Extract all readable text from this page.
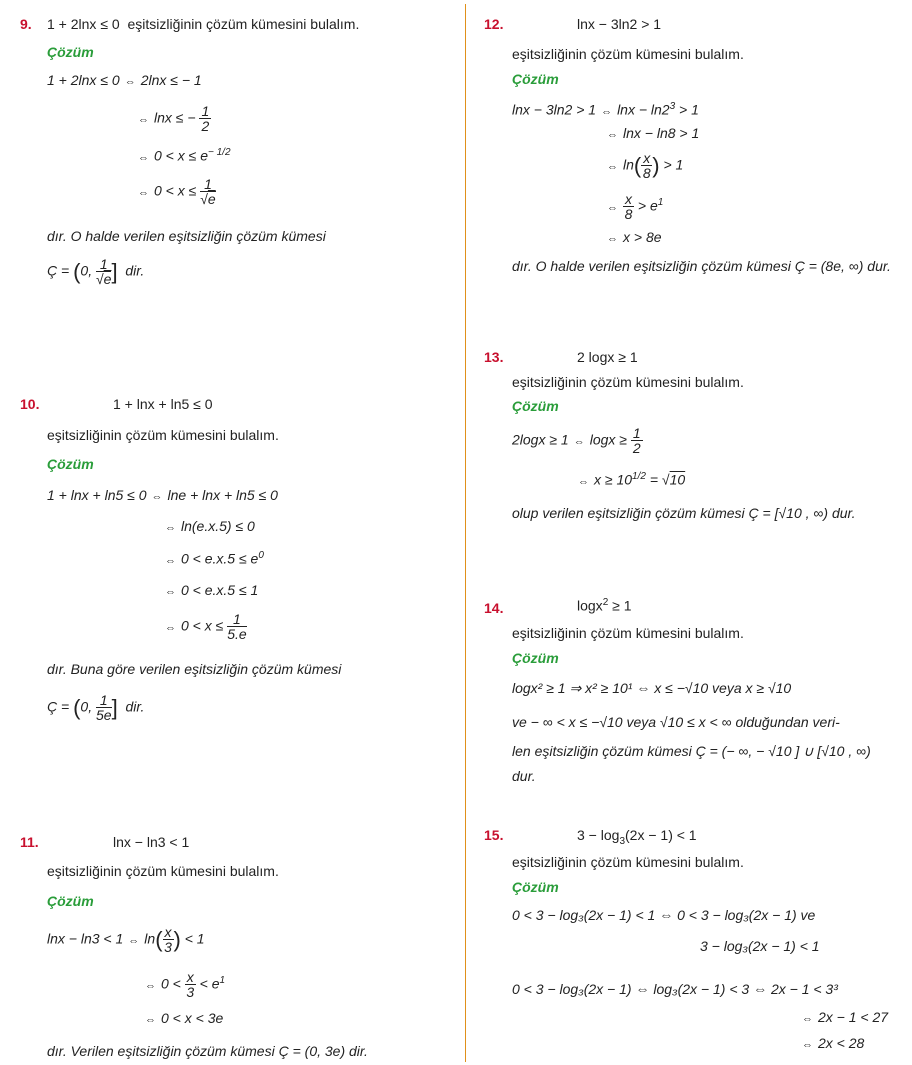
9. 1 + 2lnx ≤ 0 eşitsizliğinin çözüm kümesini bulalım.
Çözüm
1 + 2lnx ≤ 0 ⇔ 2lnx ≤ − 1
⇔ lnx ≤ − $\frac{1}{2}$
⇔ $0 < x \le e^{- 1/2}$
⇔ $0 < x \le \frac{1}{√e}$
dır. O halde verilen eşitsizliğin çözüm kümesi
Ç = (0, $\frac{1}{√e}$ ] dir.
10.	1 + lnx + ln5 ≤ 0
eşitsizliğinin çözüm kümesini bulalım.
Çözüm
1 + lnx + ln5 ≤ 0 ⇔ lne + lnx + ln5 ≤ 0
⇔ ln(e.x.5) ≤ 0
⇔ $0 < e.x.5 \le e^0$
⇔ 0 < e.x.5 ≤ 1
⇔ $0 < x \le \frac{1}{5.e}$
dır. Buna göre verilen eşitsizliğin çözüm kümesi
Ç = (0, $\frac{1}{5e}$ ] dir.
11.	lnx − ln3 < 1
eşitsizliğinin çözüm kümesini bulalım.
Çözüm
lnx − ln3 < 1 ⇔ $\ln( \frac{x}{3}$ ) < 1
⇔ $0 < \frac{x}{3} < e^1$
⇔ 0 < x < 3e
dır. Verilen eşitsizliğin çözüm kümesi Ç = (0, 3e) dir.
12.	lnx − 3ln2 > 1
eşitsizliğinin çözüm kümesini bulalım.
Çözüm
lnx − 3ln2 > 1 ⇔ $\ln x - \ln 2^3 > 1$
⇔ lnx − ln8 > 1
⇔ $\ln( \frac{x}{8}$ ) > 1
⇔ $\frac{x}{8} > e^1$
⇔ x > 8e
dır. O halde verilen eşitsizliğin çözüm kümesi Ç = (8e, ∞) dur.
13.	2 logx ≥ 1
eşitsizliğinin çözüm kümesini bulalım.
Çözüm
2logx ≥ 1 ⇔ $\log x \ge \frac{1}{2}$
⇔ $x \ge 10^{1/2} = √10$
olup verilen eşitsizliğin çözüm kümesi Ç = [√10 , ∞) dur.
14.	logx$^2$ ≥ 1
eşitsizliğinin çözüm kümesini bulalım.
Çözüm
logx² ≥ 1 ⇒ x² ≥ 10¹ ⇔ x ≤ −√10 veya x ≥ √10
ve − ∞ < x ≤ −√10 veya √10 ≤ x < ∞ olduğundan veri-
len eşitsizliğin çözüm kümesi Ç = (− ∞, − √10 ] ∪ [√10 , ∞)
dur.
15.	$3 - \log_3(2x - 1) < 1$
eşitsizliğinin çözüm kümesini bulalım.
Çözüm
0 < 3 − log₃(2x − 1) < 1 ⇔ 0 < 3 − log₃(2x − 1) ve
3 − log₃(2x − 1) < 1
0 < 3 − log₃(2x − 1) ⇔ log₃(2x − 1) < 3 ⇔ 2x − 1 < 3³
⇔ 2x − 1 < 27
⇔ 2x < 28
